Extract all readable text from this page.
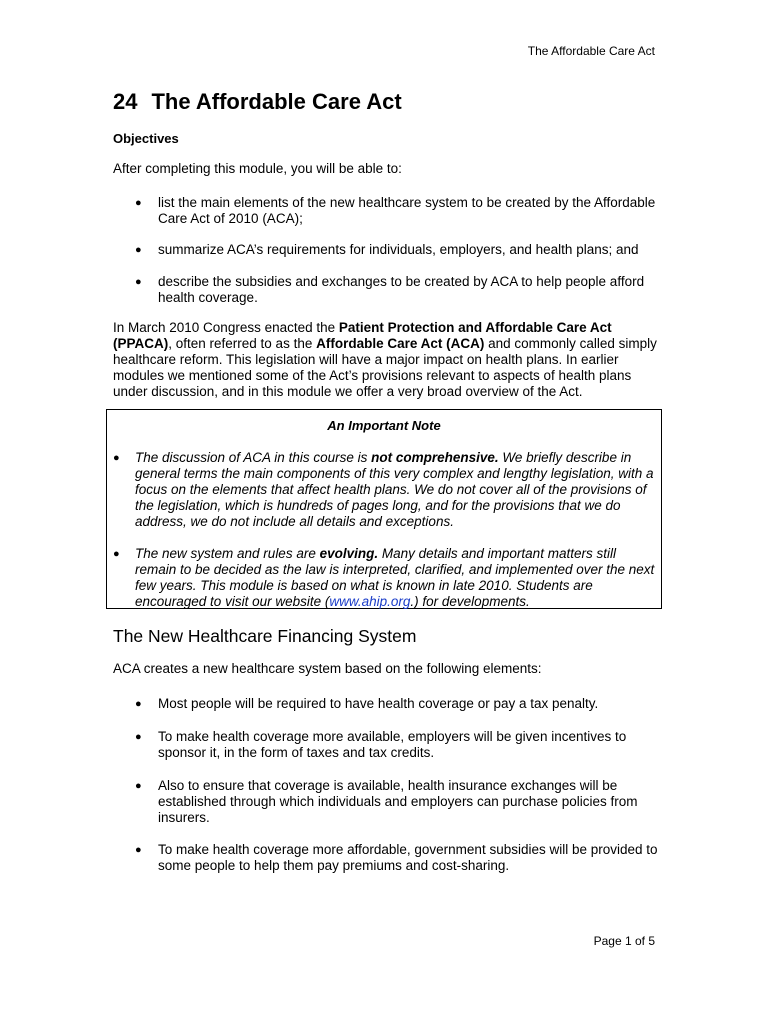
The Affordable Care Act
24 The Affordable Care Act
Objectives
After completing this module, you will be able to:
● list the main elements of the new healthcare system to be created by the Affordable Care Act of 2010 (ACA);
● summarize ACA’s requirements for individuals, employers, and health plans; and
● describe the subsidies and exchanges to be created by ACA to help people afford health coverage.
In March 2010 Congress enacted the Patient Protection and Affordable Care Act (PPACA), often referred to as the Affordable Care Act (ACA) and commonly called simply healthcare reform. This legislation will have a major impact on health plans. In earlier modules we mentioned some of the Act’s provisions relevant to aspects of health plans under discussion, and in this module we offer a very broad overview of the Act.
An Important Note
● The discussion of ACA in this course is not comprehensive. We briefly describe in general terms the main components of this very complex and lengthy legislation, with a focus on the elements that affect health plans. We do not cover all of the provisions of the legislation, which is hundreds of pages long, and for the provisions that we do address, we do not include all details and exceptions.
● The new system and rules are evolving. Many details and important matters still remain to be decided as the law is interpreted, clarified, and implemented over the next few years. This module is based on what is known in late 2010. Students are encouraged to visit our website (www.ahip.org.) for developments.
The New Healthcare Financing System
ACA creates a new healthcare system based on the following elements:
● Most people will be required to have health coverage or pay a tax penalty.
● To make health coverage more available, employers will be given incentives to sponsor it, in the form of taxes and tax credits.
● Also to ensure that coverage is available, health insurance exchanges will be established through which individuals and employers can purchase policies from insurers.
● To make health coverage more affordable, government subsidies will be provided to some people to help them pay premiums and cost-sharing.
Page 1 of 5
